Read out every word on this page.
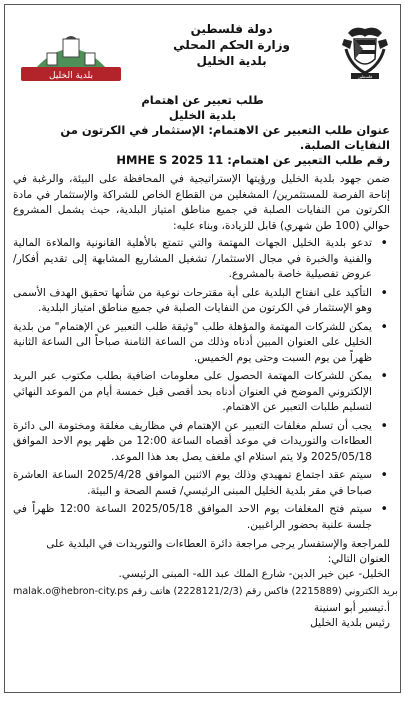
فلسطين
دولة فلسطين
وزارة الحكم المحلي
بلدية الخليل
بلدية الخليل
طلب تعبير عن اهتمام
بلدية الخليل
عنوان طلب التعبير عن الاهتمام: الإستثمار في الكرتون من النفايات الصلبة.
رقم طلب التعبير عن اهتمام: HMHE S 2025 11
ضمن جهود بلدية الخليل ورؤيتها الإستراتيجية في المحافظة على البيئة، والرغبة في إتاحة الفرصة للمستثمرين/ المشغلين من القطاع الخاص للشراكة والإستثمار في مادة الكرتون من النفايات الصلبة في جميع مناطق امتياز البلدية، حيث يشمل المشروع حوالي (100 طن شهري) قابل للزيادة، وبناء عليه:
• تدعو بلدية الخليل الجهات المهتمة والتي تتمتع بالأهلية القانونية والملاءة المالية والفنية والخبرة في مجال الاستثمار/ تشغيل المشاريع المشابهة إلى تقديم أفكار/عروض تفصيلية خاصة بالمشروع.
• التأكيد على انفتاح البلدية على أية مقترحات نوعية من شأنها تحقيق الهدف الأسمى وهو الإستثمار في الكرتون من النفايات الصلبة في جميع مناطق امتياز البلدية.
• يمكن للشركات المهتمة والمؤهلة طلب "وثيقة طلب التعبير عن الإهتمام" من بلدية الخليل على العنوان المبين أدناه وذلك من الساعة الثامنة صباحاً الى الساعة الثانية ظهراً من يوم السبت وحتى يوم الخميس.
• يمكن للشركات المهتمة الحصول على معلومات اضافية بطلب مكتوب عبر البريد الإلكتروني الموضح في العنوان أدناه بحد أقصى قبل خمسة أيام من الموعد النهائي لتسليم طلبات التعبير عن الاهتمام.
• يجب أن تسلم مغلفات التعبير عن الإهتمام في مظاريف مغلقة ومختومة الى دائرة العطاءات والتوريدات في موعد أقصاه الساعة 12:00 من ظهر يوم الاحد الموافق 2025/05/18 ولا يتم استلام اي ملغف يصل بعد هذا الموعد.
• سيتم عقد اجتماع تمهيدي وذلك يوم الاثنين الموافق 2025/4/28 الساعة العاشرة صباحا في مقر بلدية الخليل المبنى الرئيسي/ قسم الصحة و البيئة.
• سيتم فتح المغلفات يوم الاحد الموافق 2025/05/18 الساعة 12:00 ظهراً في جلسة علنية بحضور الراغبين.
للمراجعة والإستفسار يرجى مراجعة دائرة العطاءات والتوريدات في البلدية على العنوان التالي:
الخليل- عين خير الدين- شارع الملك عبد الله- المبنى الرئيسي.
malak.o@hebron-city.ps بريد الكتروني (2215889) فاكس رقم (2228121/2/3) هاتف رقم
أ.تيسير أبو اسنينة
رئيس بلدية الخليل
